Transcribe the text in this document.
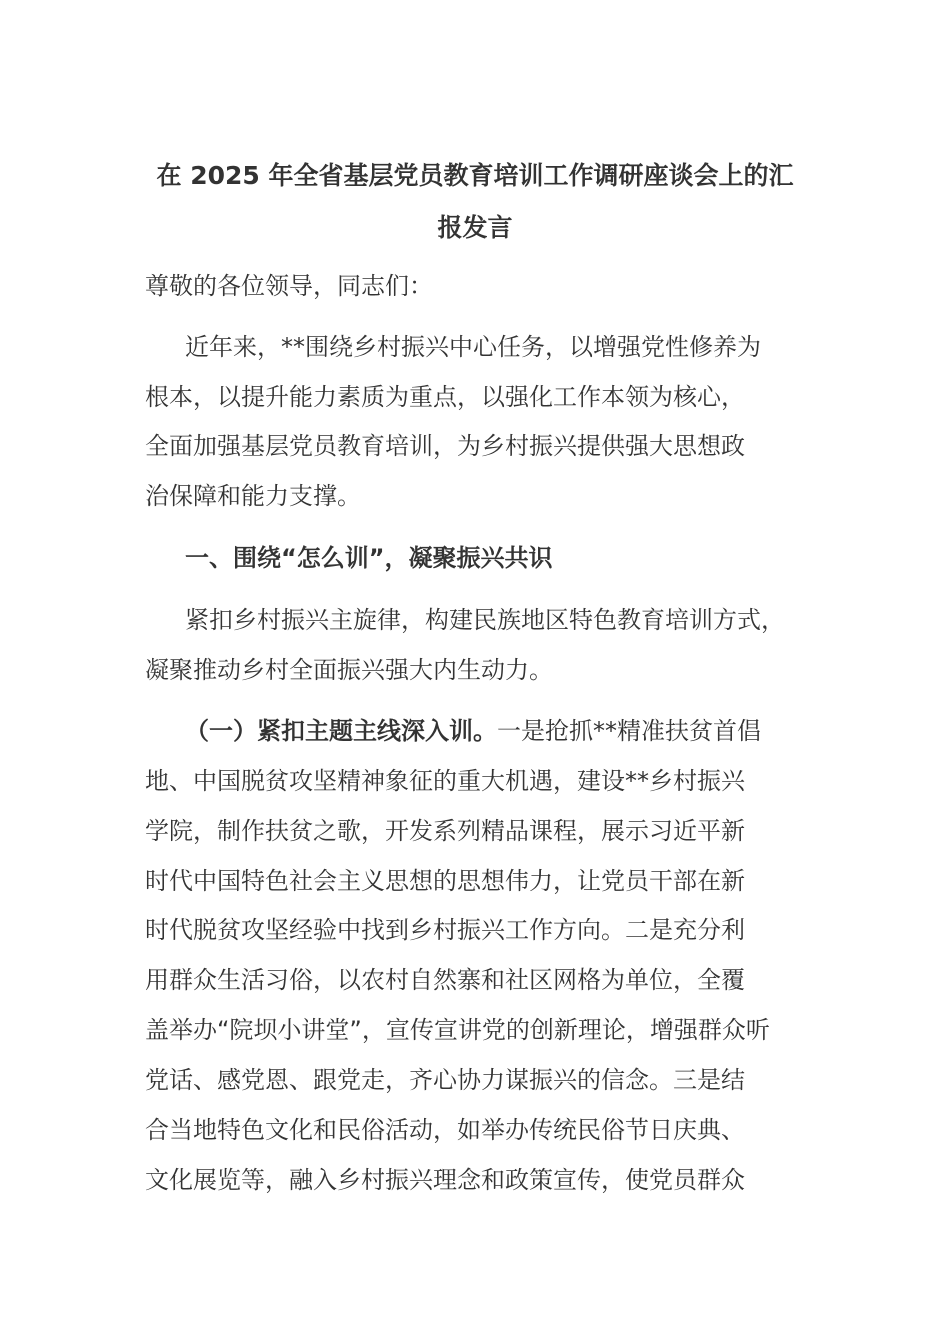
在 2025 年全省基层党员教育培训工作调研座谈会上的汇
报发言
尊敬的各位领导，同志们：
近年来，**围绕乡村振兴中心任务，以增强党性修养为
根本，以提升能力素质为重点，以强化工作本领为核心，
全面加强基层党员教育培训，为乡村振兴提供强大思想政
治保障和能力支撑。
一、围绕“怎么训”，凝聚振兴共识
紧扣乡村振兴主旋律，构建民族地区特色教育培训方式，
凝聚推动乡村全面振兴强大内生动力。
（一）紧扣主题主线深入训。一是抢抓**精准扶贫首倡
地、中国脱贫攻坚精神象征的重大机遇，建设**乡村振兴
学院，制作扶贫之歌，开发系列精品课程，展示习近平新
时代中国特色社会主义思想的思想伟力，让党员干部在新
时代脱贫攻坚经验中找到乡村振兴工作方向。二是充分利
用群众生活习俗，以农村自然寨和社区网格为单位，全覆
盖举办“院坝小讲堂”，宣传宣讲党的创新理论，增强群众听
党话、感党恩、跟党走，齐心协力谋振兴的信念。三是结
合当地特色文化和民俗活动，如举办传统民俗节日庆典、
文化展览等，融入乡村振兴理念和政策宣传，使党员群众
